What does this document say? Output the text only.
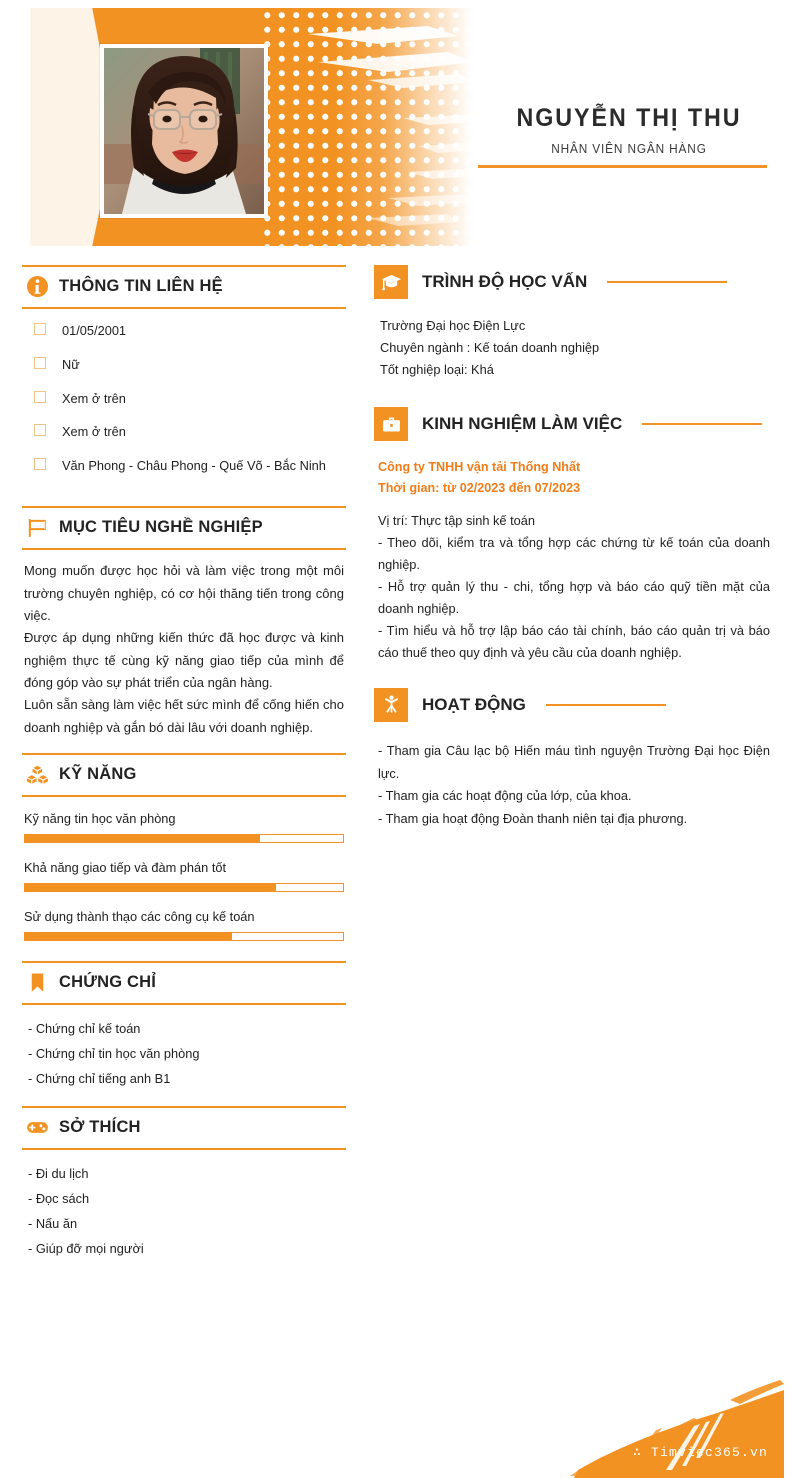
NGUYỄN THỊ THU
NHÂN VIÊN NGÂN HÀNG
THÔNG TIN LIÊN HỆ
01/05/2001
Nữ
Xem ở trên
Xem ở trên
Văn Phong - Châu Phong - Quế Võ - Bắc Ninh
MỤC TIÊU NGHỀ NGHIỆP

Mong muốn được học hỏi và làm việc trong một môi trường chuyên nghiệp, có cơ hội thăng tiến trong công việc.

Được áp dụng những kiến thức đã học được và kinh nghiệm thực tế cùng kỹ năng giao tiếp của mình để đóng góp vào sự phát triển của ngân hàng.

Luôn sẵn sàng làm việc hết sức mình để cống hiến cho doanh nghiệp và gắn bó dài lâu với doanh nghiệp.

KỸ NĂNG
Kỹ năng tin học văn phòng
Khả năng giao tiếp và đàm phán tốt
Sử dụng thành thạo các công cụ kế toán
CHỨNG CHỈ
- Chứng chỉ kế toán
- Chứng chỉ tin học văn phòng
- Chứng chỉ tiếng anh B1
SỞ THÍCH
- Đi du lịch
- Đọc sách
- Nấu ăn
- Giúp đỡ mọi người
TRÌNH ĐỘ HỌC VẤN
Trường Đại học Điện Lực
Chuyên ngành : Kế toán doanh nghiệp
Tốt nghiệp loại: Khá
KINH NGHIỆM LÀM VIỆC
Công ty TNHH vận tải Thống Nhất
Thời gian: từ 02/2023 đến 07/2023
Vị trí: Thực tập sinh kế toán
- Theo dõi, kiểm tra và tổng hợp các chứng từ kế toán của doanh nghiệp.
- Hỗ trợ quản lý thu - chi, tổng hợp và báo cáo quỹ tiền mặt của doanh nghiệp.
- Tìm hiểu và hỗ trợ lập báo cáo tài chính, báo cáo quản trị và báo cáo thuế theo quy định và yêu cầu của doanh nghiệp.
HOẠT ĐỘNG
- Tham gia Câu lạc bộ Hiến máu tình nguyện Trường Đại học Điện lực.
- Tham gia các hoạt động của lớp, của khoa.
- Tham gia hoạt động Đoàn thanh niên tại địa phương.
∴ Timviec365.vn
